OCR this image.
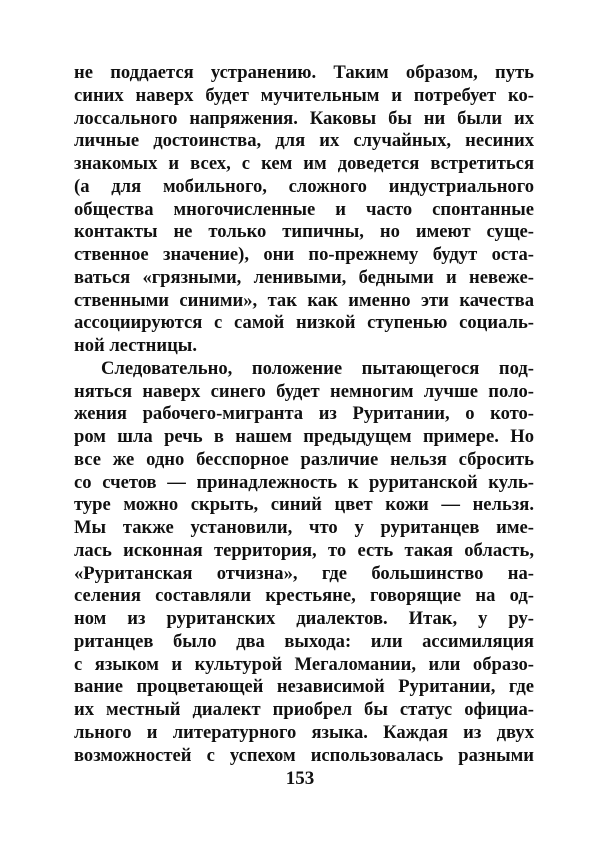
не поддается устранению. Таким образом, путь
синих наверх будет мучительным и потребует ко-
лоссального напряжения. Каковы бы ни были их
личные достоинства, для их случайных, несиних
знакомых и всех, с кем им доведется встретиться
(а для мобильного, сложного индустриального
общества многочисленные и часто спонтанные
контакты не только типичны, но имеют суще-
ственное значение), они по-прежнему будут оста-
ваться «грязными, ленивыми, бедными и невеже-
ственными синими», так как именно эти качества
ассоциируются с самой низкой ступенью социаль-
ной лестницы.
Следовательно, положение пытающегося под-
няться наверх синего будет немногим лучше поло-
жения рабочего-мигранта из Руритании, о кото-
ром шла речь в нашем предыдущем примере. Но
все же одно бесспорное различие нельзя сбросить
со счетов — принадлежность к руританской куль-
туре можно скрыть, синий цвет кожи — нельзя.
Мы также установили, что у руританцев име-
лась исконная территория, то есть такая область,
«Руританская отчизна», где большинство на-
селения составляли крестьяне, говорящие на од-
ном из руританских диалектов. Итак, у ру-
ританцев было два выхода: или ассимиляция
с языком и культурой Мегаломании, или образо-
вание процветающей независимой Руритании, где
их местный диалект приобрел бы статус официа-
льного и литературного языка. Каждая из двух
возможностей с успехом использовалась разными
153
